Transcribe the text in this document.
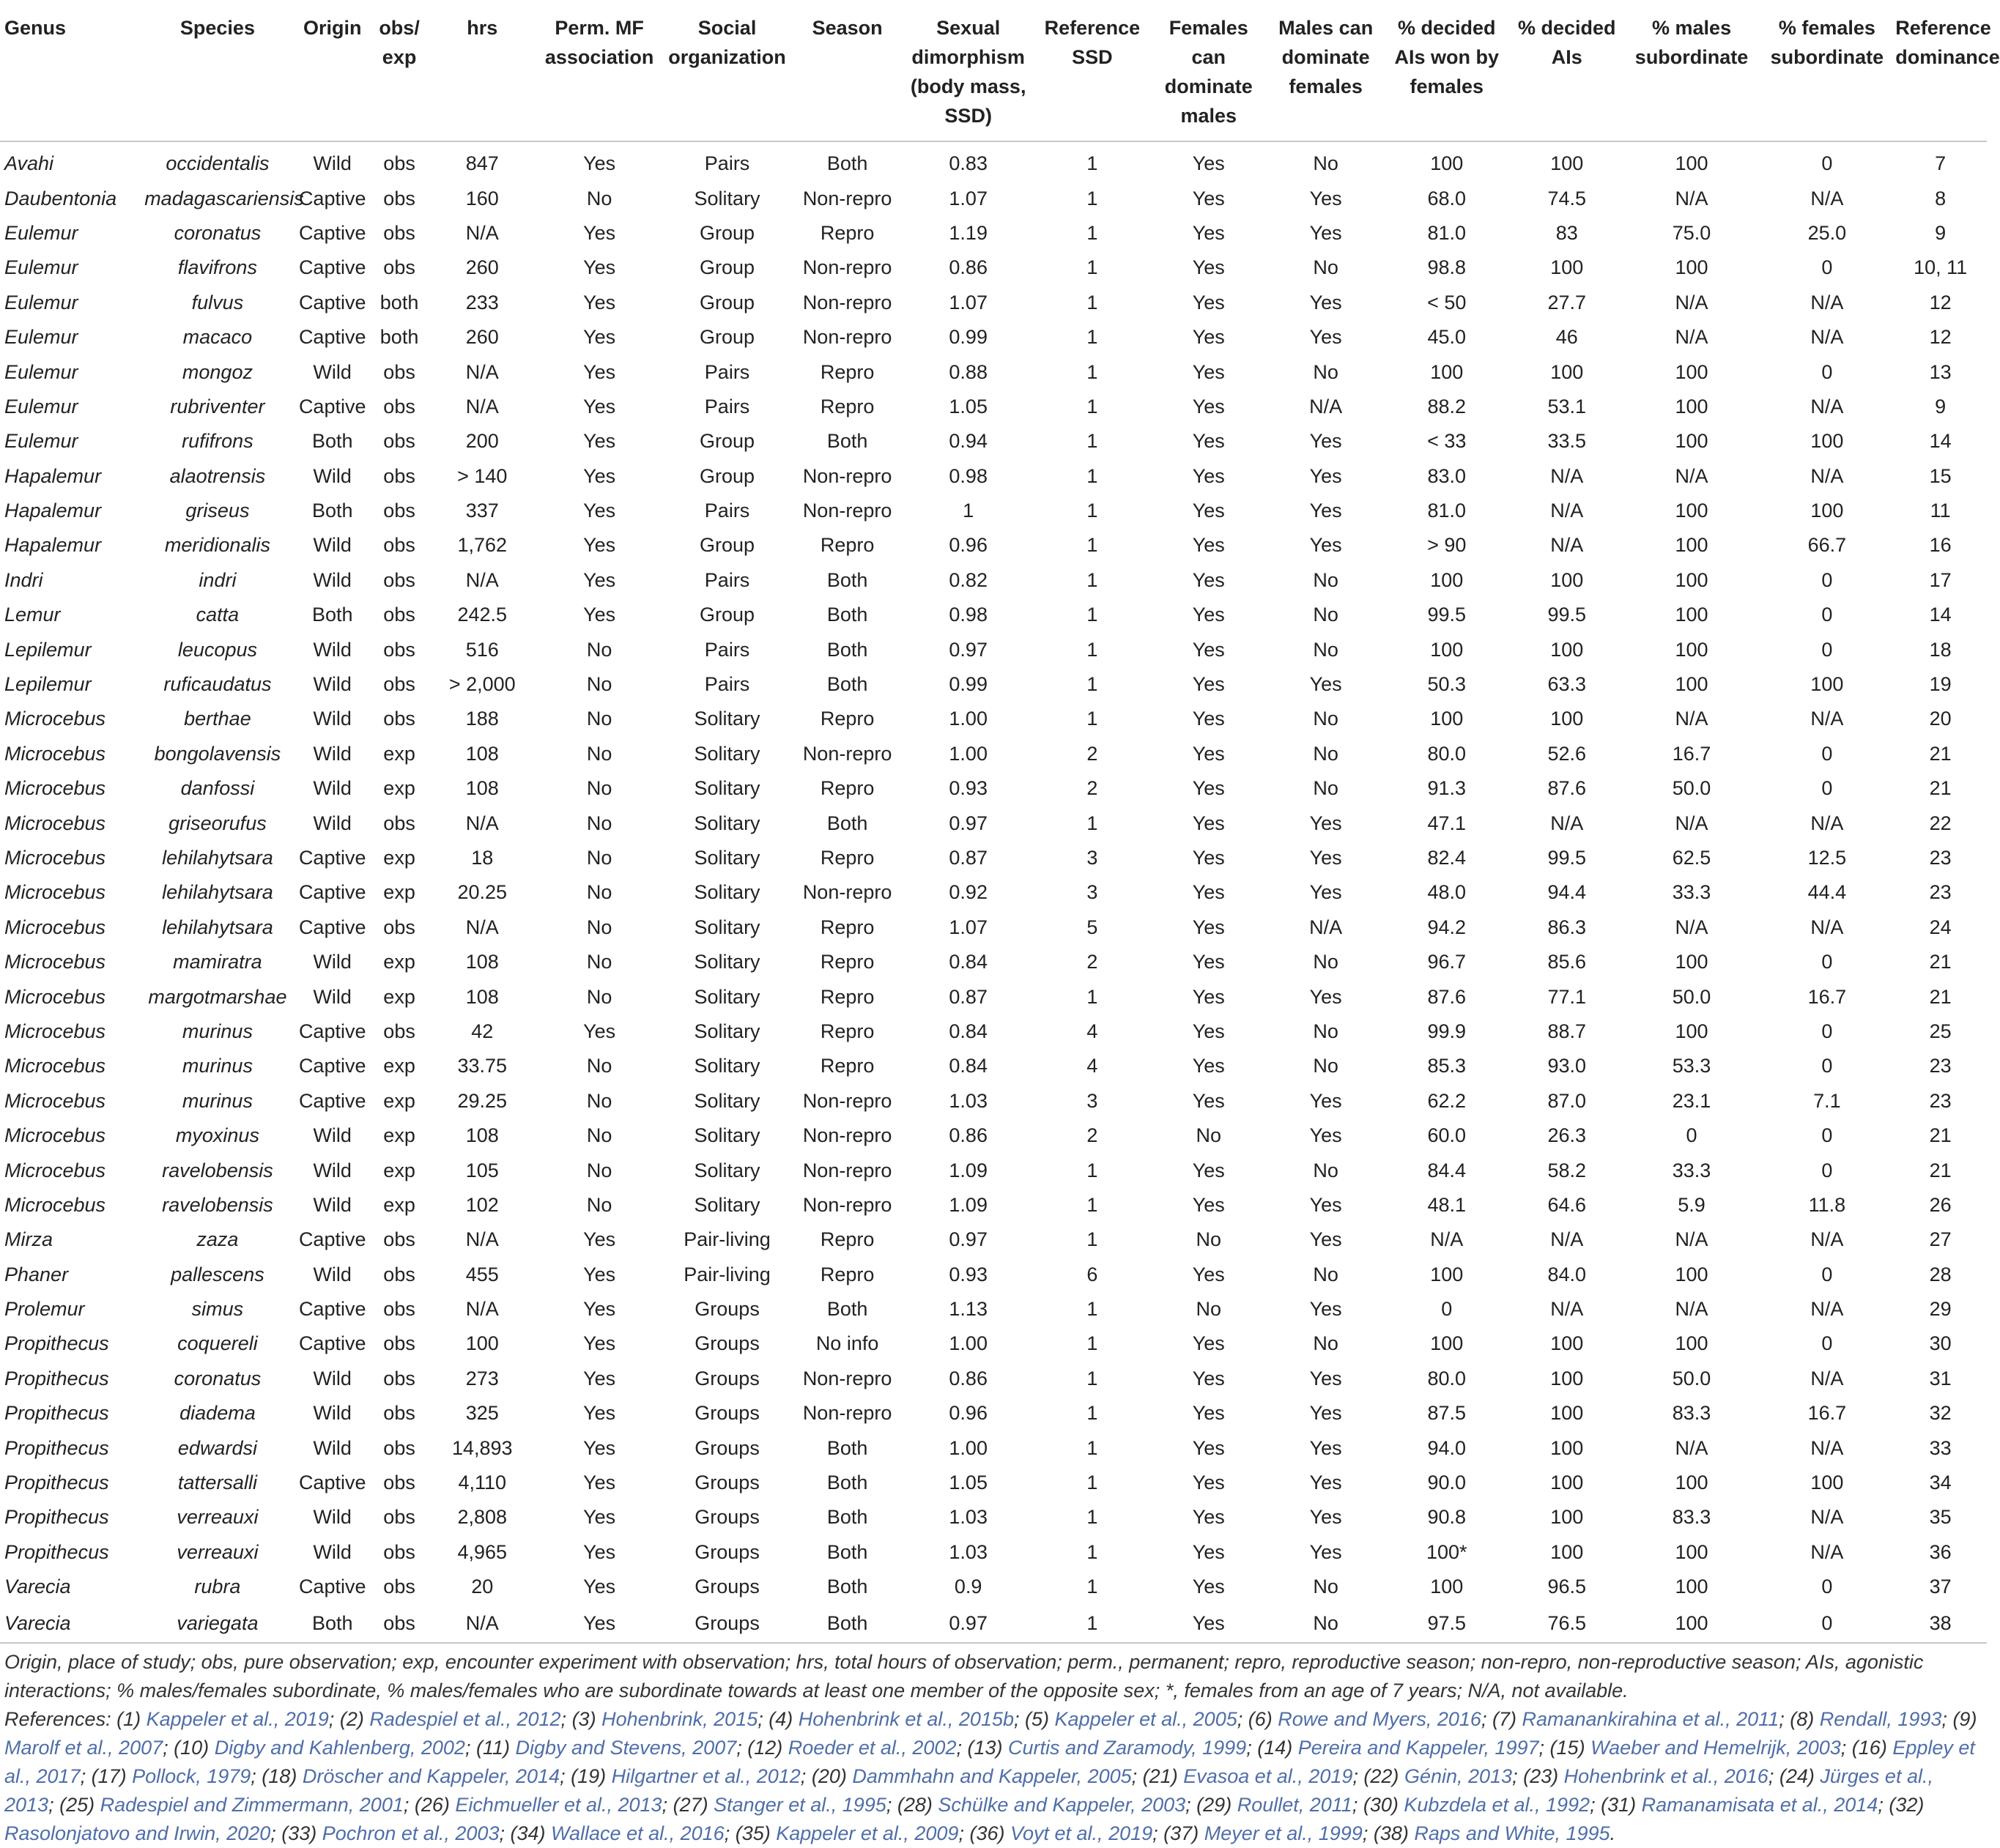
Genus	Species	Origin	obs/ exp	hrs	Perm. MF association	Social organization	Season	Sexual dimorphism (body mass, SSD)	Reference SSD	Females can dominate males	Males can dominate females	% decided AIs won by females	% decided AIs	% males subordinate	% females subordinate	Reference dominance
Avahi	occidentalis	Wild	obs	847	Yes	Pairs	Both	0.83	1	Yes	No	100	100	100	0	7
Daubentonia	madagascariensis	Captive	obs	160	No	Solitary	Non-repro	1.07	1	Yes	Yes	68.0	74.5	N/A	N/A	8
Eulemur	coronatus	Captive	obs	N/A	Yes	Group	Repro	1.19	1	Yes	Yes	81.0	83	75.0	25.0	9
Eulemur	flavifrons	Captive	obs	260	Yes	Group	Non-repro	0.86	1	Yes	No	98.8	100	100	0	10, 11
Eulemur	fulvus	Captive	both	233	Yes	Group	Non-repro	1.07	1	Yes	Yes	< 50	27.7	N/A	N/A	12
Eulemur	macaco	Captive	both	260	Yes	Group	Non-repro	0.99	1	Yes	Yes	45.0	46	N/A	N/A	12
Eulemur	mongoz	Wild	obs	N/A	Yes	Pairs	Repro	0.88	1	Yes	No	100	100	100	0	13
Eulemur	rubriventer	Captive	obs	N/A	Yes	Pairs	Repro	1.05	1	Yes	N/A	88.2	53.1	100	N/A	9
Eulemur	rufifrons	Both	obs	200	Yes	Group	Both	0.94	1	Yes	Yes	< 33	33.5	100	100	14
Hapalemur	alaotrensis	Wild	obs	> 140	Yes	Group	Non-repro	0.98	1	Yes	Yes	83.0	N/A	N/A	N/A	15
Hapalemur	griseus	Both	obs	337	Yes	Pairs	Non-repro	1	1	Yes	Yes	81.0	N/A	100	100	11
Hapalemur	meridionalis	Wild	obs	1,762	Yes	Group	Repro	0.96	1	Yes	Yes	> 90	N/A	100	66.7	16
Indri	indri	Wild	obs	N/A	Yes	Pairs	Both	0.82	1	Yes	No	100	100	100	0	17
Lemur	catta	Both	obs	242.5	Yes	Group	Both	0.98	1	Yes	No	99.5	99.5	100	0	14
Lepilemur	leucopus	Wild	obs	516	No	Pairs	Both	0.97	1	Yes	No	100	100	100	0	18
Lepilemur	ruficaudatus	Wild	obs	> 2,000	No	Pairs	Both	0.99	1	Yes	Yes	50.3	63.3	100	100	19
Microcebus	berthae	Wild	obs	188	No	Solitary	Repro	1.00	1	Yes	No	100	100	N/A	N/A	20
Microcebus	bongolavensis	Wild	exp	108	No	Solitary	Non-repro	1.00	2	Yes	No	80.0	52.6	16.7	0	21
Microcebus	danfossi	Wild	exp	108	No	Solitary	Repro	0.93	2	Yes	No	91.3	87.6	50.0	0	21
Microcebus	griseorufus	Wild	obs	N/A	No	Solitary	Both	0.97	1	Yes	Yes	47.1	N/A	N/A	N/A	22
Microcebus	lehilahytsara	Captive	exp	18	No	Solitary	Repro	0.87	3	Yes	Yes	82.4	99.5	62.5	12.5	23
Microcebus	lehilahytsara	Captive	exp	20.25	No	Solitary	Non-repro	0.92	3	Yes	Yes	48.0	94.4	33.3	44.4	23
Microcebus	lehilahytsara	Captive	obs	N/A	No	Solitary	Repro	1.07	5	Yes	N/A	94.2	86.3	N/A	N/A	24
Microcebus	mamiratra	Wild	exp	108	No	Solitary	Repro	0.84	2	Yes	No	96.7	85.6	100	0	21
Microcebus	margotmarshae	Wild	exp	108	No	Solitary	Repro	0.87	1	Yes	Yes	87.6	77.1	50.0	16.7	21
Microcebus	murinus	Captive	obs	42	Yes	Solitary	Repro	0.84	4	Yes	No	99.9	88.7	100	0	25
Microcebus	murinus	Captive	exp	33.75	No	Solitary	Repro	0.84	4	Yes	No	85.3	93.0	53.3	0	23
Microcebus	murinus	Captive	exp	29.25	No	Solitary	Non-repro	1.03	3	Yes	Yes	62.2	87.0	23.1	7.1	23
Microcebus	myoxinus	Wild	exp	108	No	Solitary	Non-repro	0.86	2	No	Yes	60.0	26.3	0	0	21
Microcebus	ravelobensis	Wild	exp	105	No	Solitary	Non-repro	1.09	1	Yes	No	84.4	58.2	33.3	0	21
Microcebus	ravelobensis	Wild	exp	102	No	Solitary	Non-repro	1.09	1	Yes	Yes	48.1	64.6	5.9	11.8	26
Mirza	zaza	Captive	obs	N/A	Yes	Pair-living	Repro	0.97	1	No	Yes	N/A	N/A	N/A	N/A	27
Phaner	pallescens	Wild	obs	455	Yes	Pair-living	Repro	0.93	6	Yes	No	100	84.0	100	0	28
Prolemur	simus	Captive	obs	N/A	Yes	Groups	Both	1.13	1	No	Yes	0	N/A	N/A	N/A	29
Propithecus	coquereli	Captive	obs	100	Yes	Groups	No info	1.00	1	Yes	No	100	100	100	0	30
Propithecus	coronatus	Wild	obs	273	Yes	Groups	Non-repro	0.86	1	Yes	Yes	80.0	100	50.0	N/A	31
Propithecus	diadema	Wild	obs	325	Yes	Groups	Non-repro	0.96	1	Yes	Yes	87.5	100	83.3	16.7	32
Propithecus	edwardsi	Wild	obs	14,893	Yes	Groups	Both	1.00	1	Yes	Yes	94.0	100	N/A	N/A	33
Propithecus	tattersalli	Captive	obs	4,110	Yes	Groups	Both	1.05	1	Yes	Yes	90.0	100	100	100	34
Propithecus	verreauxi	Wild	obs	2,808	Yes	Groups	Both	1.03	1	Yes	Yes	90.8	100	83.3	N/A	35
Propithecus	verreauxi	Wild	obs	4,965	Yes	Groups	Both	1.03	1	Yes	Yes	100*	100	100	N/A	36
Varecia	rubra	Captive	obs	20	Yes	Groups	Both	0.9	1	Yes	No	100	96.5	100	0	37
Varecia	variegata	Both	obs	N/A	Yes	Groups	Both	0.97	1	Yes	No	97.5	76.5	100	0	38

Origin, place of study; obs, pure observation; exp, encounter experiment with observation; hrs, total hours of observation; perm., permanent; repro, reproductive season; non-repro, non-reproductive season; AIs, agonistic interactions; % males/females subordinate, % males/females who are subordinate towards at least one member of the opposite sex; *, females from an age of 7 years; N/A, not available.

References: (1) Kappeler et al., 2019; (2) Radespiel et al., 2012; (3) Hohenbrink, 2015; (4) Hohenbrink et al., 2015b; (5) Kappeler et al., 2005; (6) Rowe and Myers, 2016; (7) Ramanankirahina et al., 2011; (8) Rendall, 1993; (9) Marolf et al., 2007; (10) Digby and Kahlenberg, 2002; (11) Digby and Stevens, 2007; (12) Roeder et al., 2002; (13) Curtis and Zaramody, 1999; (14) Pereira and Kappeler, 1997; (15) Waeber and Hemelrijk, 2003; (16) Eppley et al., 2017; (17) Pollock, 1979; (18) Dröscher and Kappeler, 2014; (19) Hilgartner et al., 2012; (20) Dammhahn and Kappeler, 2005; (21) Evasoa et al., 2019; (22) Génin, 2013; (23) Hohenbrink et al., 2016; (24) Jürges et al., 2013; (25) Radespiel and Zimmermann, 2001; (26) Eichmueller et al., 2013; (27) Stanger et al., 1995; (28) Schülke and Kappeler, 2003; (29) Roullet, 2011; (30) Kubzdela et al., 1992; (31) Ramanamisata et al., 2014; (32) Rasolonjatovo and Irwin, 2020; (33) Pochron et al., 2003; (34) Wallace et al., 2016; (35) Kappeler et al., 2009; (36) Voyt et al., 2019; (37) Meyer et al., 1999; (38) Raps and White, 1995.
